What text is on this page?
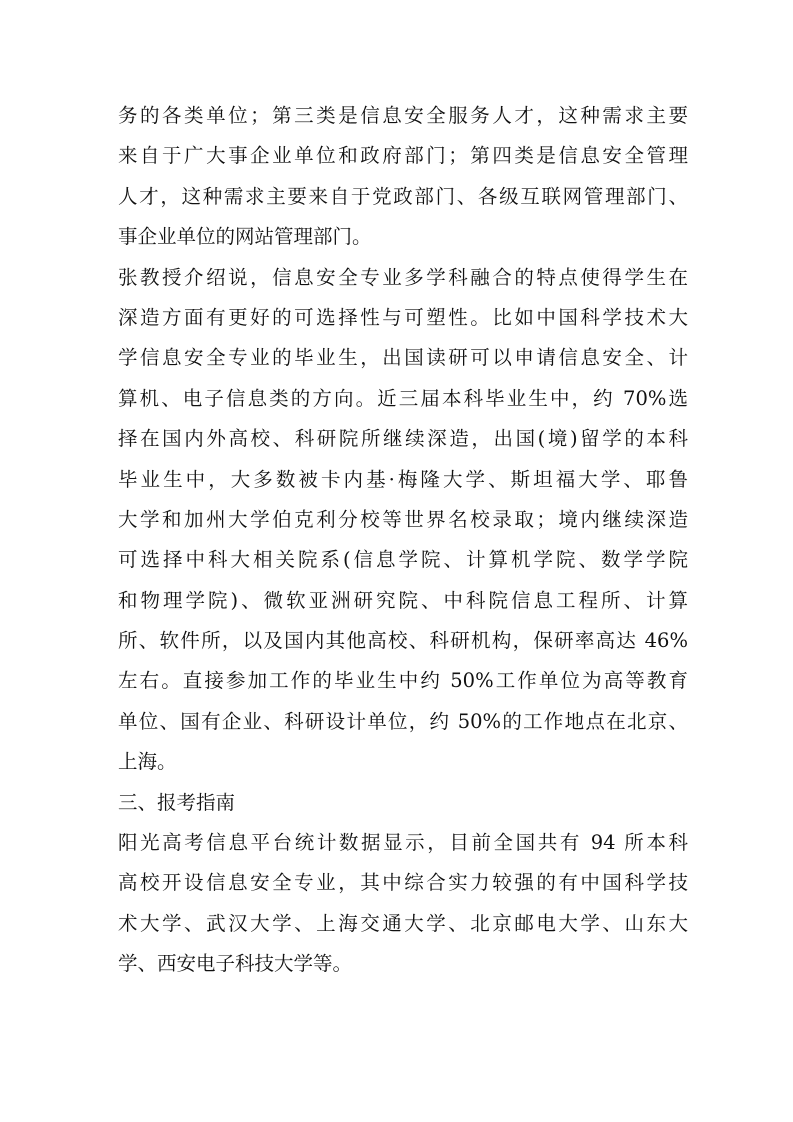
务的各类单位；第三类是信息安全服务人才，这种需求主要
来自于广大事企业单位和政府部门；第四类是信息安全管理
人才，这种需求主要来自于党政部门、各级互联网管理部门、
事企业单位的网站管理部门。
张教授介绍说，信息安全专业多学科融合的特点使得学生在
深造方面有更好的可选择性与可塑性。比如中国科学技术大
学信息安全专业的毕业生，出国读研可以申请信息安全、计
算机、电子信息类的方向。近三届本科毕业生中，约 70%选
择在国内外高校、科研院所继续深造，出国(境)留学的本科
毕业生中，大多数被卡内基·梅隆大学、斯坦福大学、耶鲁
大学和加州大学伯克利分校等世界名校录取；境内继续深造
可选择中科大相关院系(信息学院、计算机学院、数学学院
和物理学院)、微软亚洲研究院、中科院信息工程所、计算
所、软件所，以及国内其他高校、科研机构，保研率高达 46%
左右。直接参加工作的毕业生中约 50%工作单位为高等教育
单位、国有企业、科研设计单位，约 50%的工作地点在北京、
上海。
三、报考指南
阳光高考信息平台统计数据显示，目前全国共有 94 所本科
高校开设信息安全专业，其中综合实力较强的有中国科学技
术大学、武汉大学、上海交通大学、北京邮电大学、山东大
学、西安电子科技大学等。
